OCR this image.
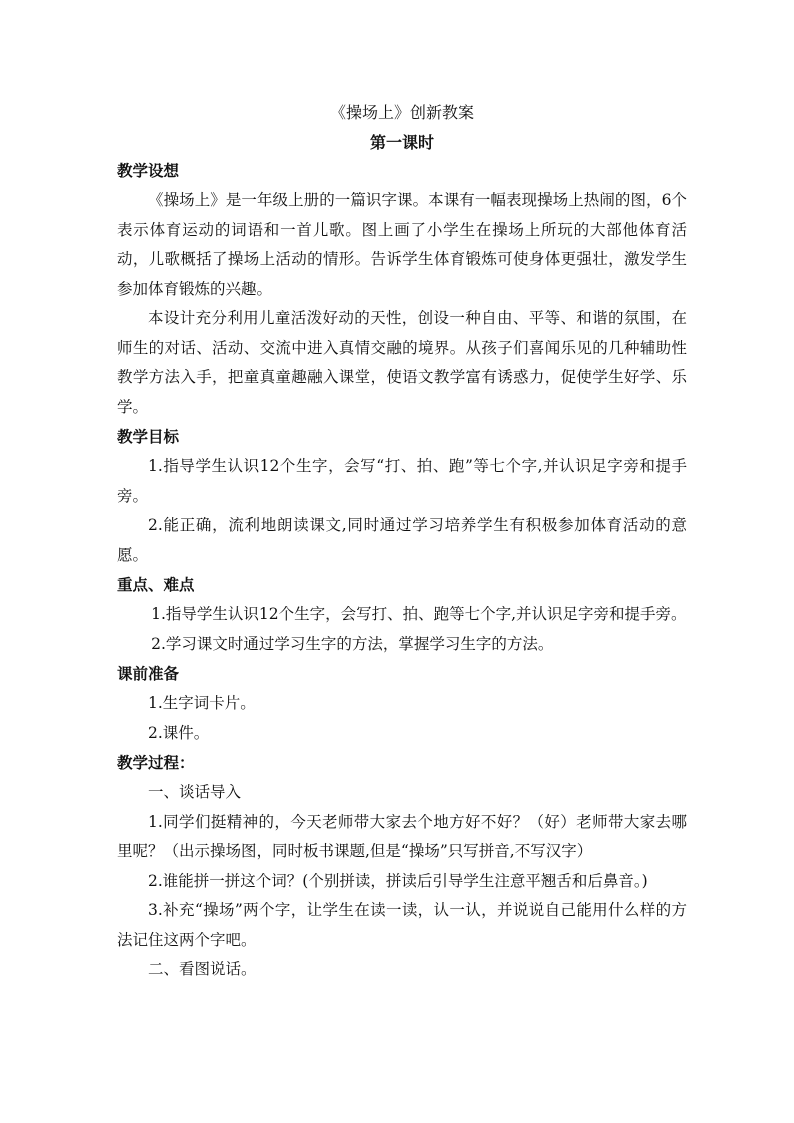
《操场上》创新教案
第一课时
教学设想

《操场上》是一年级上册的一篇识字课。本课有一幅表现操场上热闹的图，6个表示体育运动的词语和一首儿歌。图上画了小学生在操场上所玩的大部他体育活动，儿歌概括了操场上活动的情形。告诉学生体育锻炼可使身体更强壮，激发学生参加体育锻炼的兴趣。

本设计充分利用儿童活泼好动的天性，创设一种自由、平等、和谐的氛围，在师生的对话、活动、交流中进入真情交融的境界。从孩子们喜闻乐见的几种辅助性教学方法入手，把童真童趣融入课堂，使语文教学富有诱惑力，促使学生好学、乐学。

教学目标

1.指导学生认识12个生字，会写“打、拍、跑”等七个字,并认识足字旁和提手旁。

2.能正确，流利地朗读课文,同时通过学习培养学生有积极参加体育活动的意愿。

重点、难点

1.指导学生认识12个生字，会写打、拍、跑等七个字,并认识足字旁和提手旁。

2.学习课文时通过学习生字的方法，掌握学习生字的方法。

课前准备

1.生字词卡片。

2.课件。

教学过程：

一、谈话导入

1.同学们挺精神的，今天老师带大家去个地方好不好？（好）老师带大家去哪里呢？（出示操场图，同时板书课题,但是“操场”只写拼音,不写汉字）

2.谁能拼一拼这个词？(个别拼读，拼读后引导学生注意平翘舌和后鼻音。)

3.补充“操场”两个字，让学生在读一读，认一认，并说说自己能用什么样的方法记住这两个字吧。

二、看图说话。
